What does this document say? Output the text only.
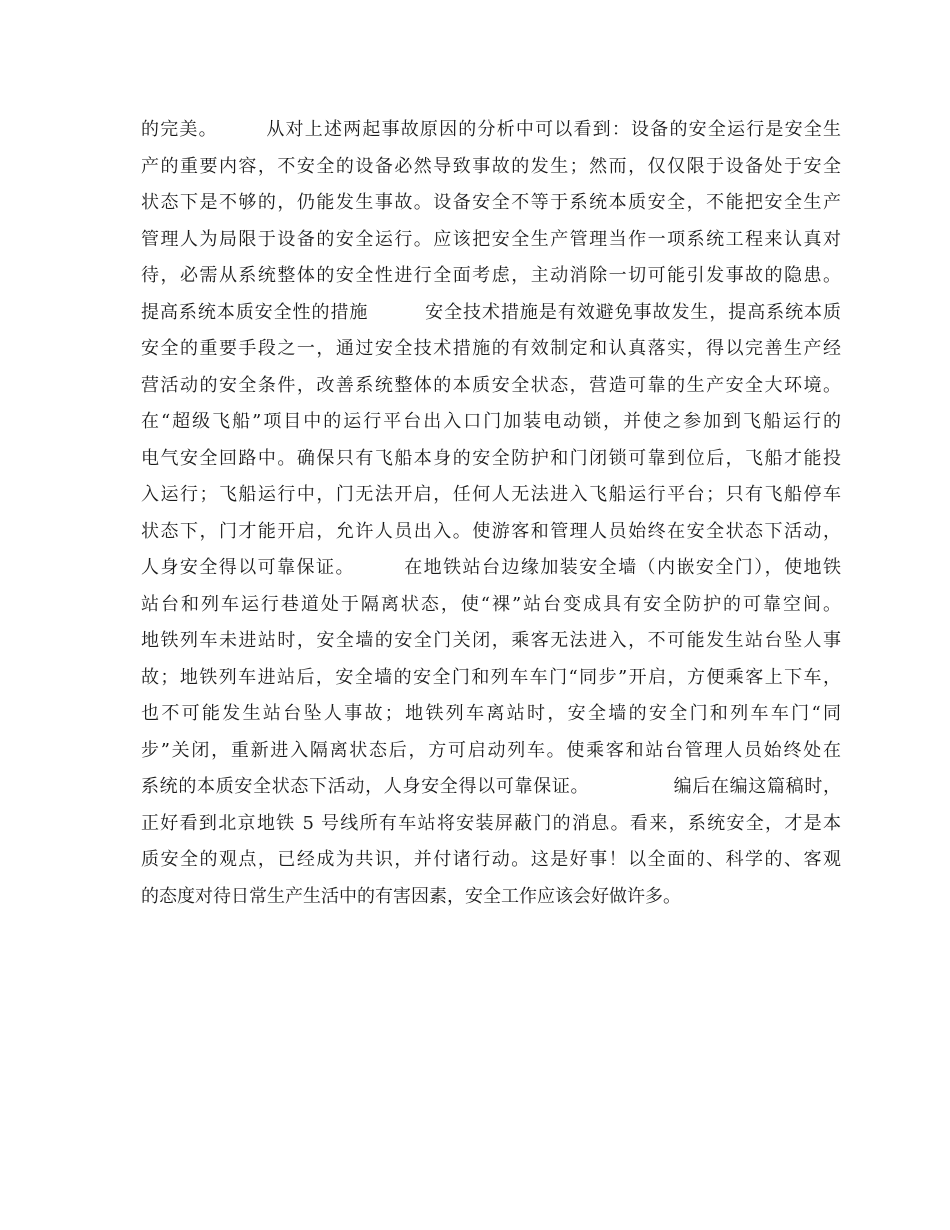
的完美。　　　从对上述两起事故原因的分析中可以看到：设备的安全运行是安全生
产的重要内容，不安全的设备必然导致事故的发生；然而，仅仅限于设备处于安全
状态下是不够的，仍能发生事故。设备安全不等于系统本质安全，不能把安全生产
管理人为局限于设备的安全运行。应该把安全生产管理当作一项系统工程来认真对
待，必需从系统整体的安全性进行全面考虑，主动消除一切可能引发事故的隐患。
提高系统本质安全性的措施　　　安全技术措施是有效避免事故发生，提高系统本质
安全的重要手段之一，通过安全技术措施的有效制定和认真落实，得以完善生产经
营活动的安全条件，改善系统整体的本质安全状态，营造可靠的生产安全大环境。
在“超级飞船”项目中的运行平台出入口门加装电动锁，并使之参加到飞船运行的
电气安全回路中。确保只有飞船本身的安全防护和门闭锁可靠到位后，飞船才能投
入运行；飞船运行中，门无法开启，任何人无法进入飞船运行平台；只有飞船停车
状态下，门才能开启，允许人员出入。使游客和管理人员始终在安全状态下活动，
人身安全得以可靠保证。　　　在地铁站台边缘加装安全墙（内嵌安全门），使地铁
站台和列车运行巷道处于隔离状态，使“裸”站台变成具有安全防护的可靠空间。
地铁列车未进站时，安全墙的安全门关闭，乘客无法进入，不可能发生站台坠人事
故；地铁列车进站后，安全墙的安全门和列车车门“同步”开启，方便乘客上下车，
也不可能发生站台坠人事故；地铁列车离站时，安全墙的安全门和列车车门“同
步”关闭，重新进入隔离状态后，方可启动列车。使乘客和站台管理人员始终处在
系统的本质安全状态下活动，人身安全得以可靠保证。　　　　　编后在编这篇稿时，
正好看到北京地铁 5 号线所有车站将安装屏蔽门的消息。看来，系统安全，才是本
质安全的观点，已经成为共识，并付诸行动。这是好事！以全面的、科学的、客观
的态度对待日常生产生活中的有害因素，安全工作应该会好做许多。
